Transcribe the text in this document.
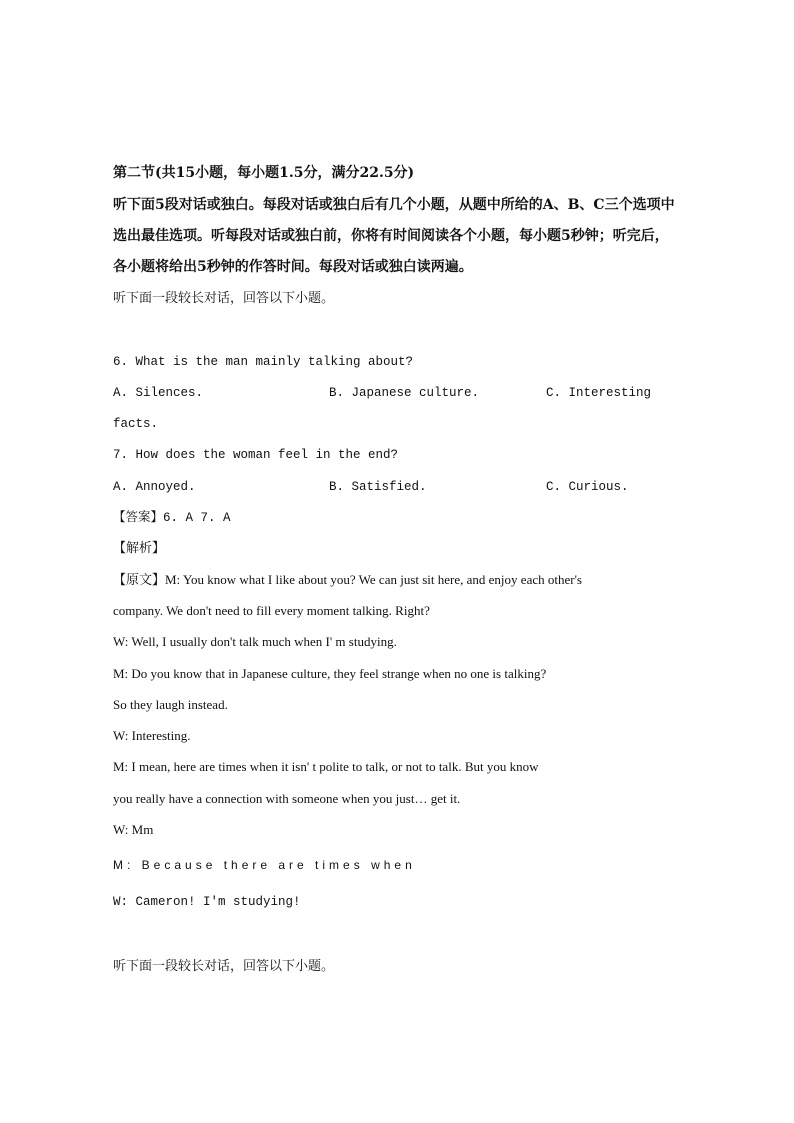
第二节(共15小题，每小题1.5分，满分22.5分)
听下面5段对话或独白。每段对话或独白后有几个小题，从题中所给的A、B、C三个选项中
选出最佳选项。听每段对话或独白前，你将有时间阅读各个小题，每小题5秒钟；听完后，
各小题将给出5秒钟的作答时间。每段对话或独白读两遍。
听下面一段较长对话，回答以下小题。
6. What is the man mainly talking about?
A. Silences.	B. Japanese culture.	C. Interesting
facts.
7. How does the woman feel in the end?
A. Annoyed.	B. Satisfied.	C. Curious.
【答案】6. A 7. A
【解析】
【原文】M: You know what I like about you? We can just sit here, and enjoy each other's
company. We don't need to fill every moment talking. Right?
W: Well, I usually don't talk much when I' m studying.
M: Do you know that in Japanese culture, they feel strange when no one is talking?
So they laugh instead.
W: Interesting.
M: I mean, here are times when it isn' t polite to talk, or not to talk. But you know
you really have a connection with someone when you just… get it.
W: Mm
M: Because there are times when
W: Cameron! I'm studying!
听下面一段较长对话，回答以下小题。
